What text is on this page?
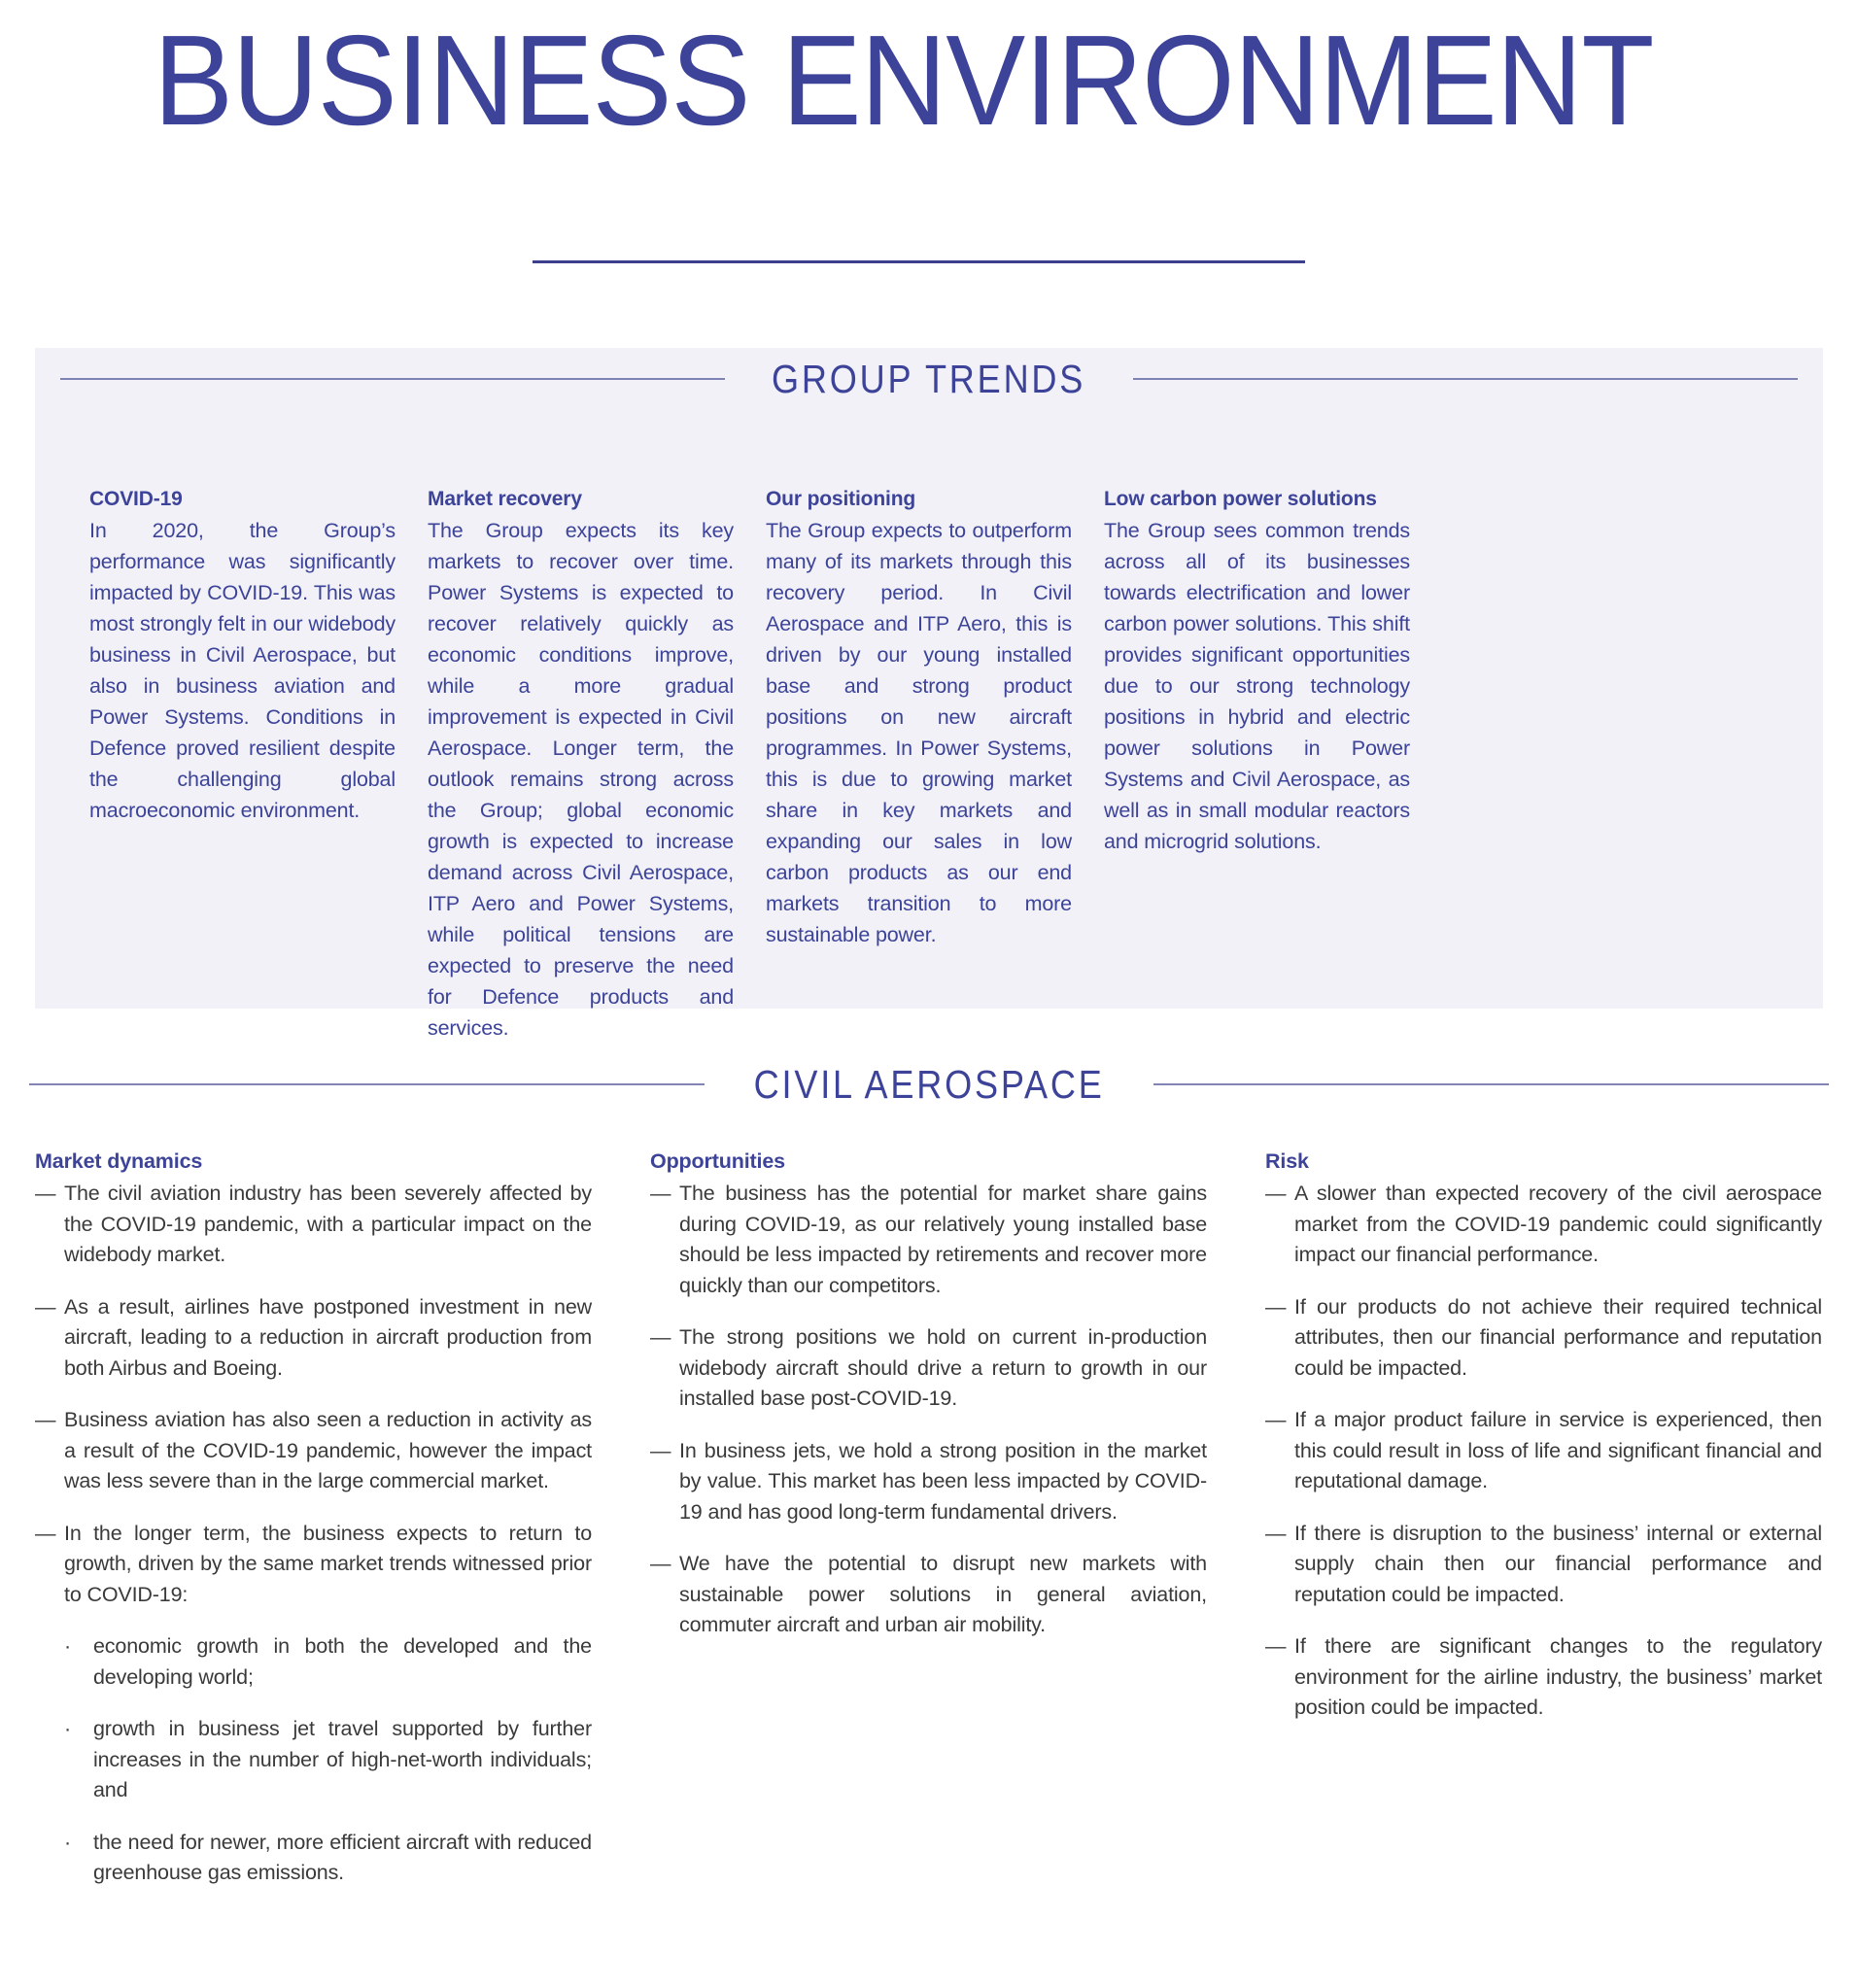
BUSINESS ENVIRONMENT
GROUP TRENDS
COVID-19
In 2020, the Group’s performance was significantly impacted by COVID-19. This was most strongly felt in our widebody business in Civil Aerospace, but also in business aviation and Power Systems. Conditions in Defence proved resilient despite the challenging global macroeconomic environment.
Market recovery
The Group expects its key markets to recover over time. Power Systems is expected to recover relatively quickly as economic conditions improve, while a more gradual improvement is expected in Civil Aerospace. Longer term, the outlook remains strong across the Group; global economic growth is expected to increase demand across Civil Aerospace, ITP Aero and Power Systems, while political tensions are expected to preserve the need for Defence products and services.
Our positioning
The Group expects to outperform many of its markets through this recovery period. In Civil Aerospace and ITP Aero, this is driven by our young installed base and strong product positions on new aircraft programmes. In Power Systems, this is due to growing market share in key markets and expanding our sales in low carbon products as our end markets transition to more sustainable power.
Low carbon power solutions
The Group sees common trends across all of its businesses towards electrification and lower carbon power solutions. This shift provides significant opportunities due to our strong technology positions in hybrid and electric power solutions in Power Systems and Civil Aerospace, as well as in small modular reactors and microgrid solutions.
CIVIL AEROSPACE
Market dynamics
— The civil aviation industry has been severely affected by the COVID-19 pandemic, with a particular impact on the widebody market.
— As a result, airlines have postponed investment in new aircraft, leading to a reduction in aircraft production from both Airbus and Boeing.
— Business aviation has also seen a reduction in activity as a result of the COVID-19 pandemic, however the impact was less severe than in the large commercial market.
— In the longer term, the business expects to return to growth, driven by the same market trends witnessed prior to COVID-19:
·	economic growth in both the developed and the developing world;
·	growth in business jet travel supported by further increases in the number of high-net-worth individuals; and
·	the need for newer, more efficient aircraft with reduced greenhouse gas emissions.
Opportunities
— The business has the potential for market share gains during COVID-19, as our relatively young installed base should be less impacted by retirements and recover more quickly than our competitors.
— The strong positions we hold on current in-production widebody aircraft should drive a return to growth in our installed base post-COVID-19.
— In business jets, we hold a strong position in the market by value. This market has been less impacted by COVID-19 and has good long-term fundamental drivers.
— We have the potential to disrupt new markets with sustainable power solutions in general aviation, commuter aircraft and urban air mobility.
Risk
— A slower than expected recovery of the civil aerospace market from the COVID-19 pandemic could significantly impact our financial performance.
— If our products do not achieve their required technical attributes, then our financial performance and reputation could be impacted.
— If a major product failure in service is experienced, then this could result in loss of life and significant financial and reputational damage.
— If there is disruption to the business’ internal or external supply chain then our financial performance and reputation could be impacted.
— If there are significant changes to the regulatory environment for the airline industry, the business’ market position could be impacted.
